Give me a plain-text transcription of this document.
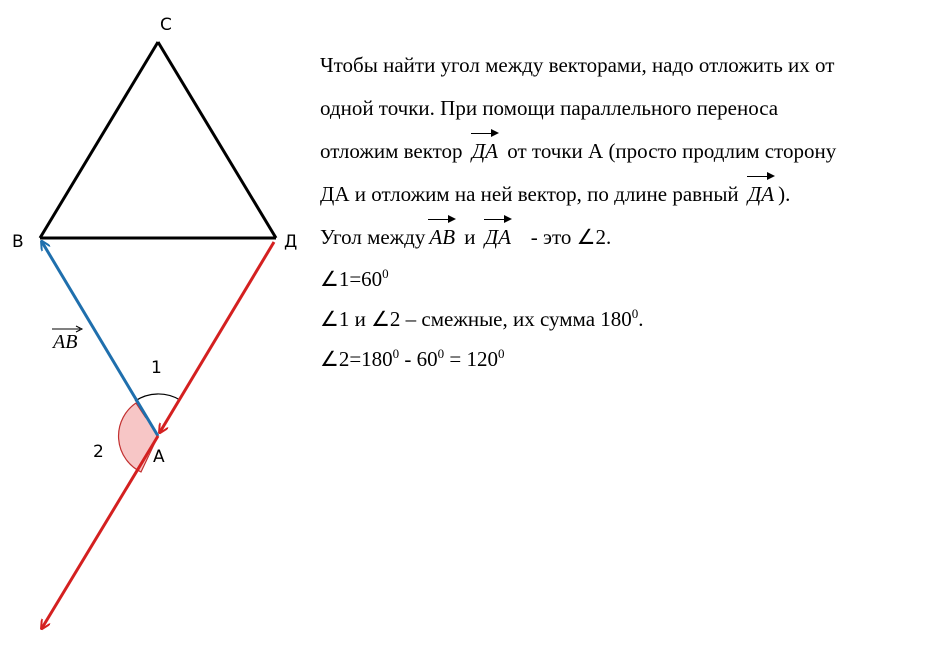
С
В	Д
А
1
2
AB
Чтобы найти угол между векторами, надо отложить их от
одной точки. При помощи параллельного переноса
отложим вектор ДА от точки А (просто продлим сторону
ДА и отложим на ней вектор, по длине равный ДА ).
Угол между AB и ДА - это ∠2.
$\angle 1=60^0$
∠1 и ∠2 – смежные, их сумма $180^0$.
$\angle 2=180^0 - 60^0 = 120^0$
